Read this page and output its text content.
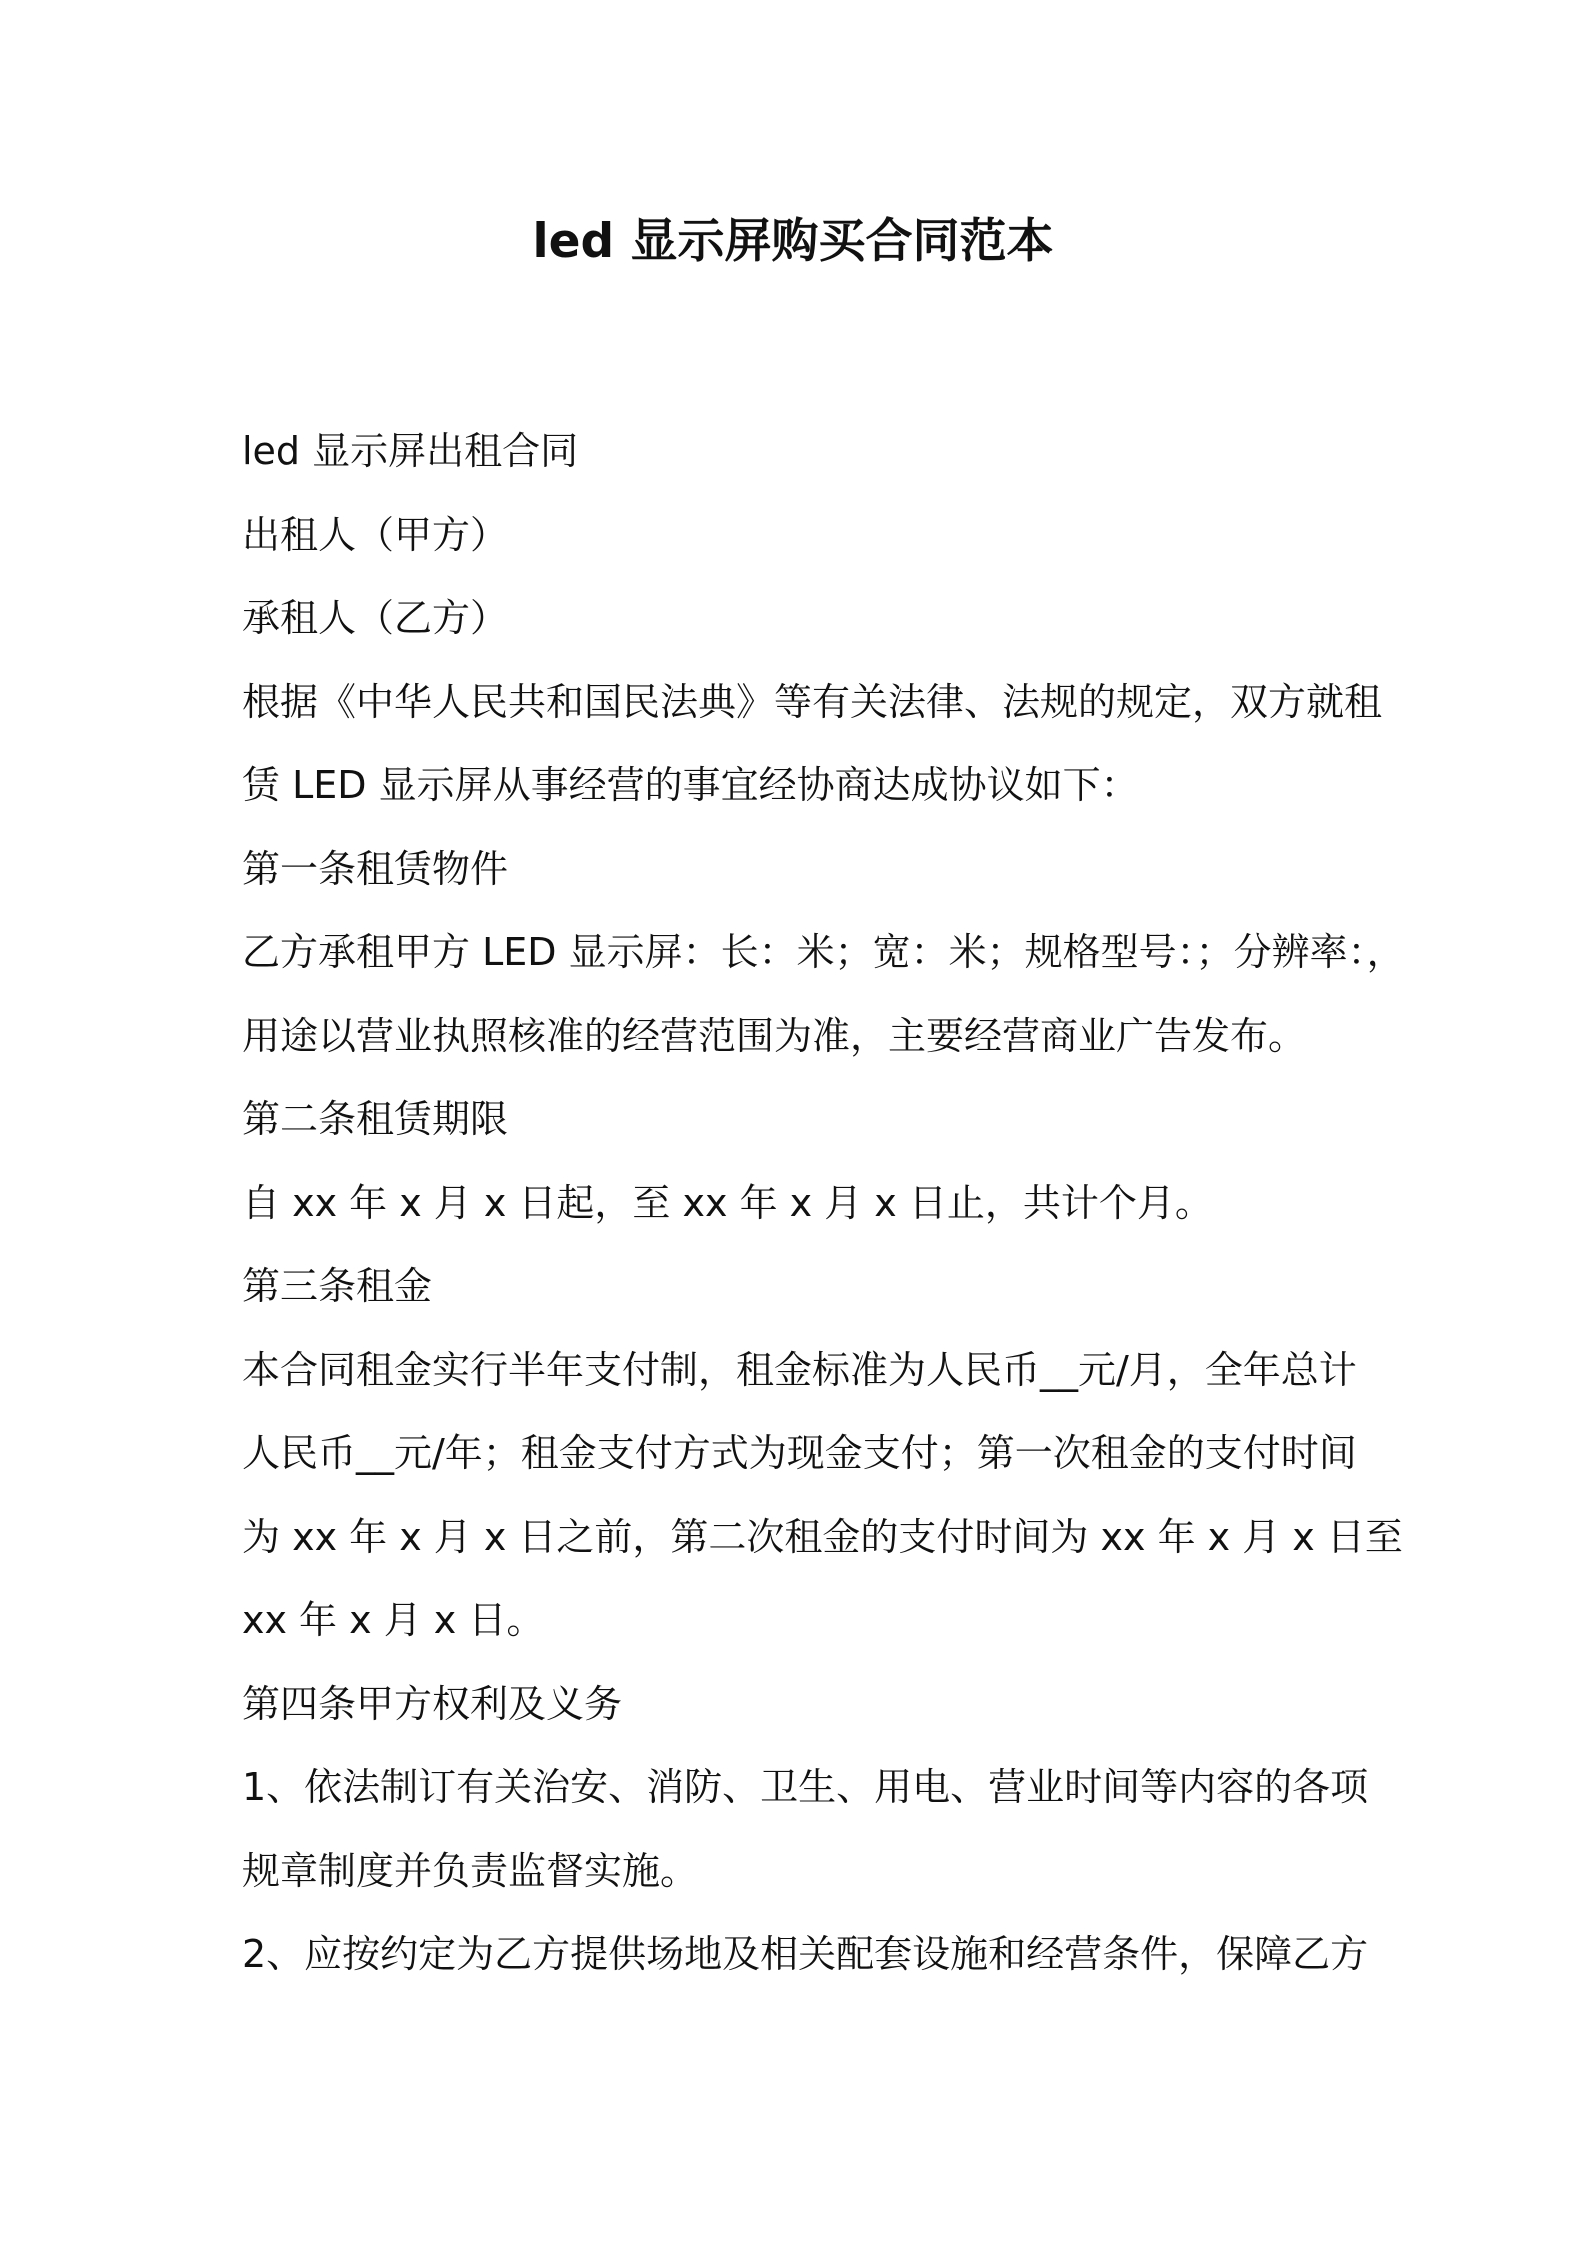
led 显示屏购买合同范本

led 显示屏出租合同

出租人（甲方）

承租人（乙方）

根据《中华人民共和国民法典》等有关法律、法规的规定，双方就租

赁 LED 显示屏从事经营的事宜经协商达成协议如下：

第一条租赁物件

乙方承租甲方 LED 显示屏：长：米；宽：米；规格型号：；分辨率：，

用途以营业执照核准的经营范围为准，主要经营商业广告发布。

第二条租赁期限

自 xx 年 x 月 x 日起，至 xx 年 x 月 x 日止，共计个月。

第三条租金

本合同租金实行半年支付制，租金标准为人民币__元/月，全年总计

人民币__元/年；租金支付方式为现金支付；第一次租金的支付时间

为 xx 年 x 月 x 日之前，第二次租金的支付时间为 xx 年 x 月 x 日至

xx 年 x 月 x 日。

第四条甲方权利及义务

1、依法制订有关治安、消防、卫生、用电、营业时间等内容的各项

规章制度并负责监督实施。

2、应按约定为乙方提供场地及相关配套设施和经营条件，保障乙方
